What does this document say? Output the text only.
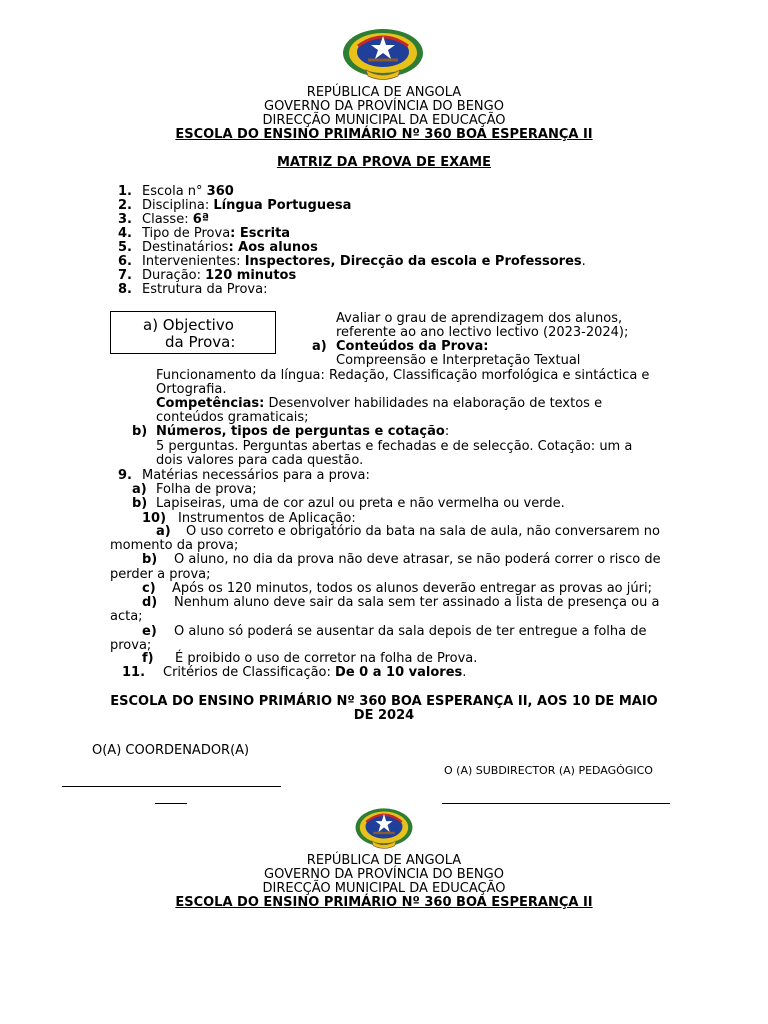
REPÚBLICA DE ANGOLA
GOVERNO DA PROVÍNCIA DO BENGO
DIRECÇÃO MUNICIPAL DA EDUCAÇÃO
ESCOLA DO ENSINO PRIMÁRIO Nº 360 BOA ESPERANÇA II
MATRIZ DA PROVA DE EXAME
1. Escola n° 360
2. Disciplina: Língua Portuguesa
3. Classe: 6ª
4. Tipo de Prova: Escrita
5. Destinatários: Aos alunos
6. Intervenientes: Inspectores, Direcção da escola e Professores.
7. Duração: 120 minutos
8. Estrutura da Prova:
a) Objectivo
da Prova:
Avaliar o grau de aprendizagem dos alunos,
referente ao ano lectivo lectivo (2023-2024);
a) Conteúdos da Prova:
Compreensão e Interpretação Textual
Funcionamento da língua: Redação, Classificação morfológica e sintáctica e
Ortografia.
Competências: Desenvolver habilidades na elaboração de textos e
conteúdos gramaticais;
b) Números, tipos de perguntas e cotação:
5 perguntas. Perguntas abertas e fechadas e de selecção. Cotação: um a
dois valores para cada questão.
9. Matérias necessários para a prova:
a) Folha de prova;
b) Lapiseiras, uma de cor azul ou preta e não vermelha ou verde.
10) Instrumentos de Aplicação:
a) O uso correto e obrigatório da bata na sala de aula, não conversarem no
momento da prova;
b) O aluno, no dia da prova não deve atrasar, se não poderá correr o risco de
perder a prova;
c) Após os 120 minutos, todos os alunos deverão entregar as provas ao júri;
d) Nenhum aluno deve sair da sala sem ter assinado a lista de presença ou a
acta;
e) O aluno só poderá se ausentar da sala depois de ter entregue a folha de
prova;
f) É proibido o uso de corretor na folha de Prova.
11. Critérios de Classificação: De 0 a 10 valores.
ESCOLA DO ENSINO PRIMÁRIO Nº 360 BOA ESPERANÇA II, AOS 10 DE MAIO
DE 2024
O(A) COORDENADOR(A)
O (A) SUBDIRECTOR (A) PEDAGÓGICO
REPÚBLICA DE ANGOLA
GOVERNO DA PROVÍNCIA DO BENGO
DIRECÇÃO MUNICIPAL DA EDUCAÇÃO
ESCOLA DO ENSINO PRIMÁRIO Nº 360 BOA ESPERANÇA II
